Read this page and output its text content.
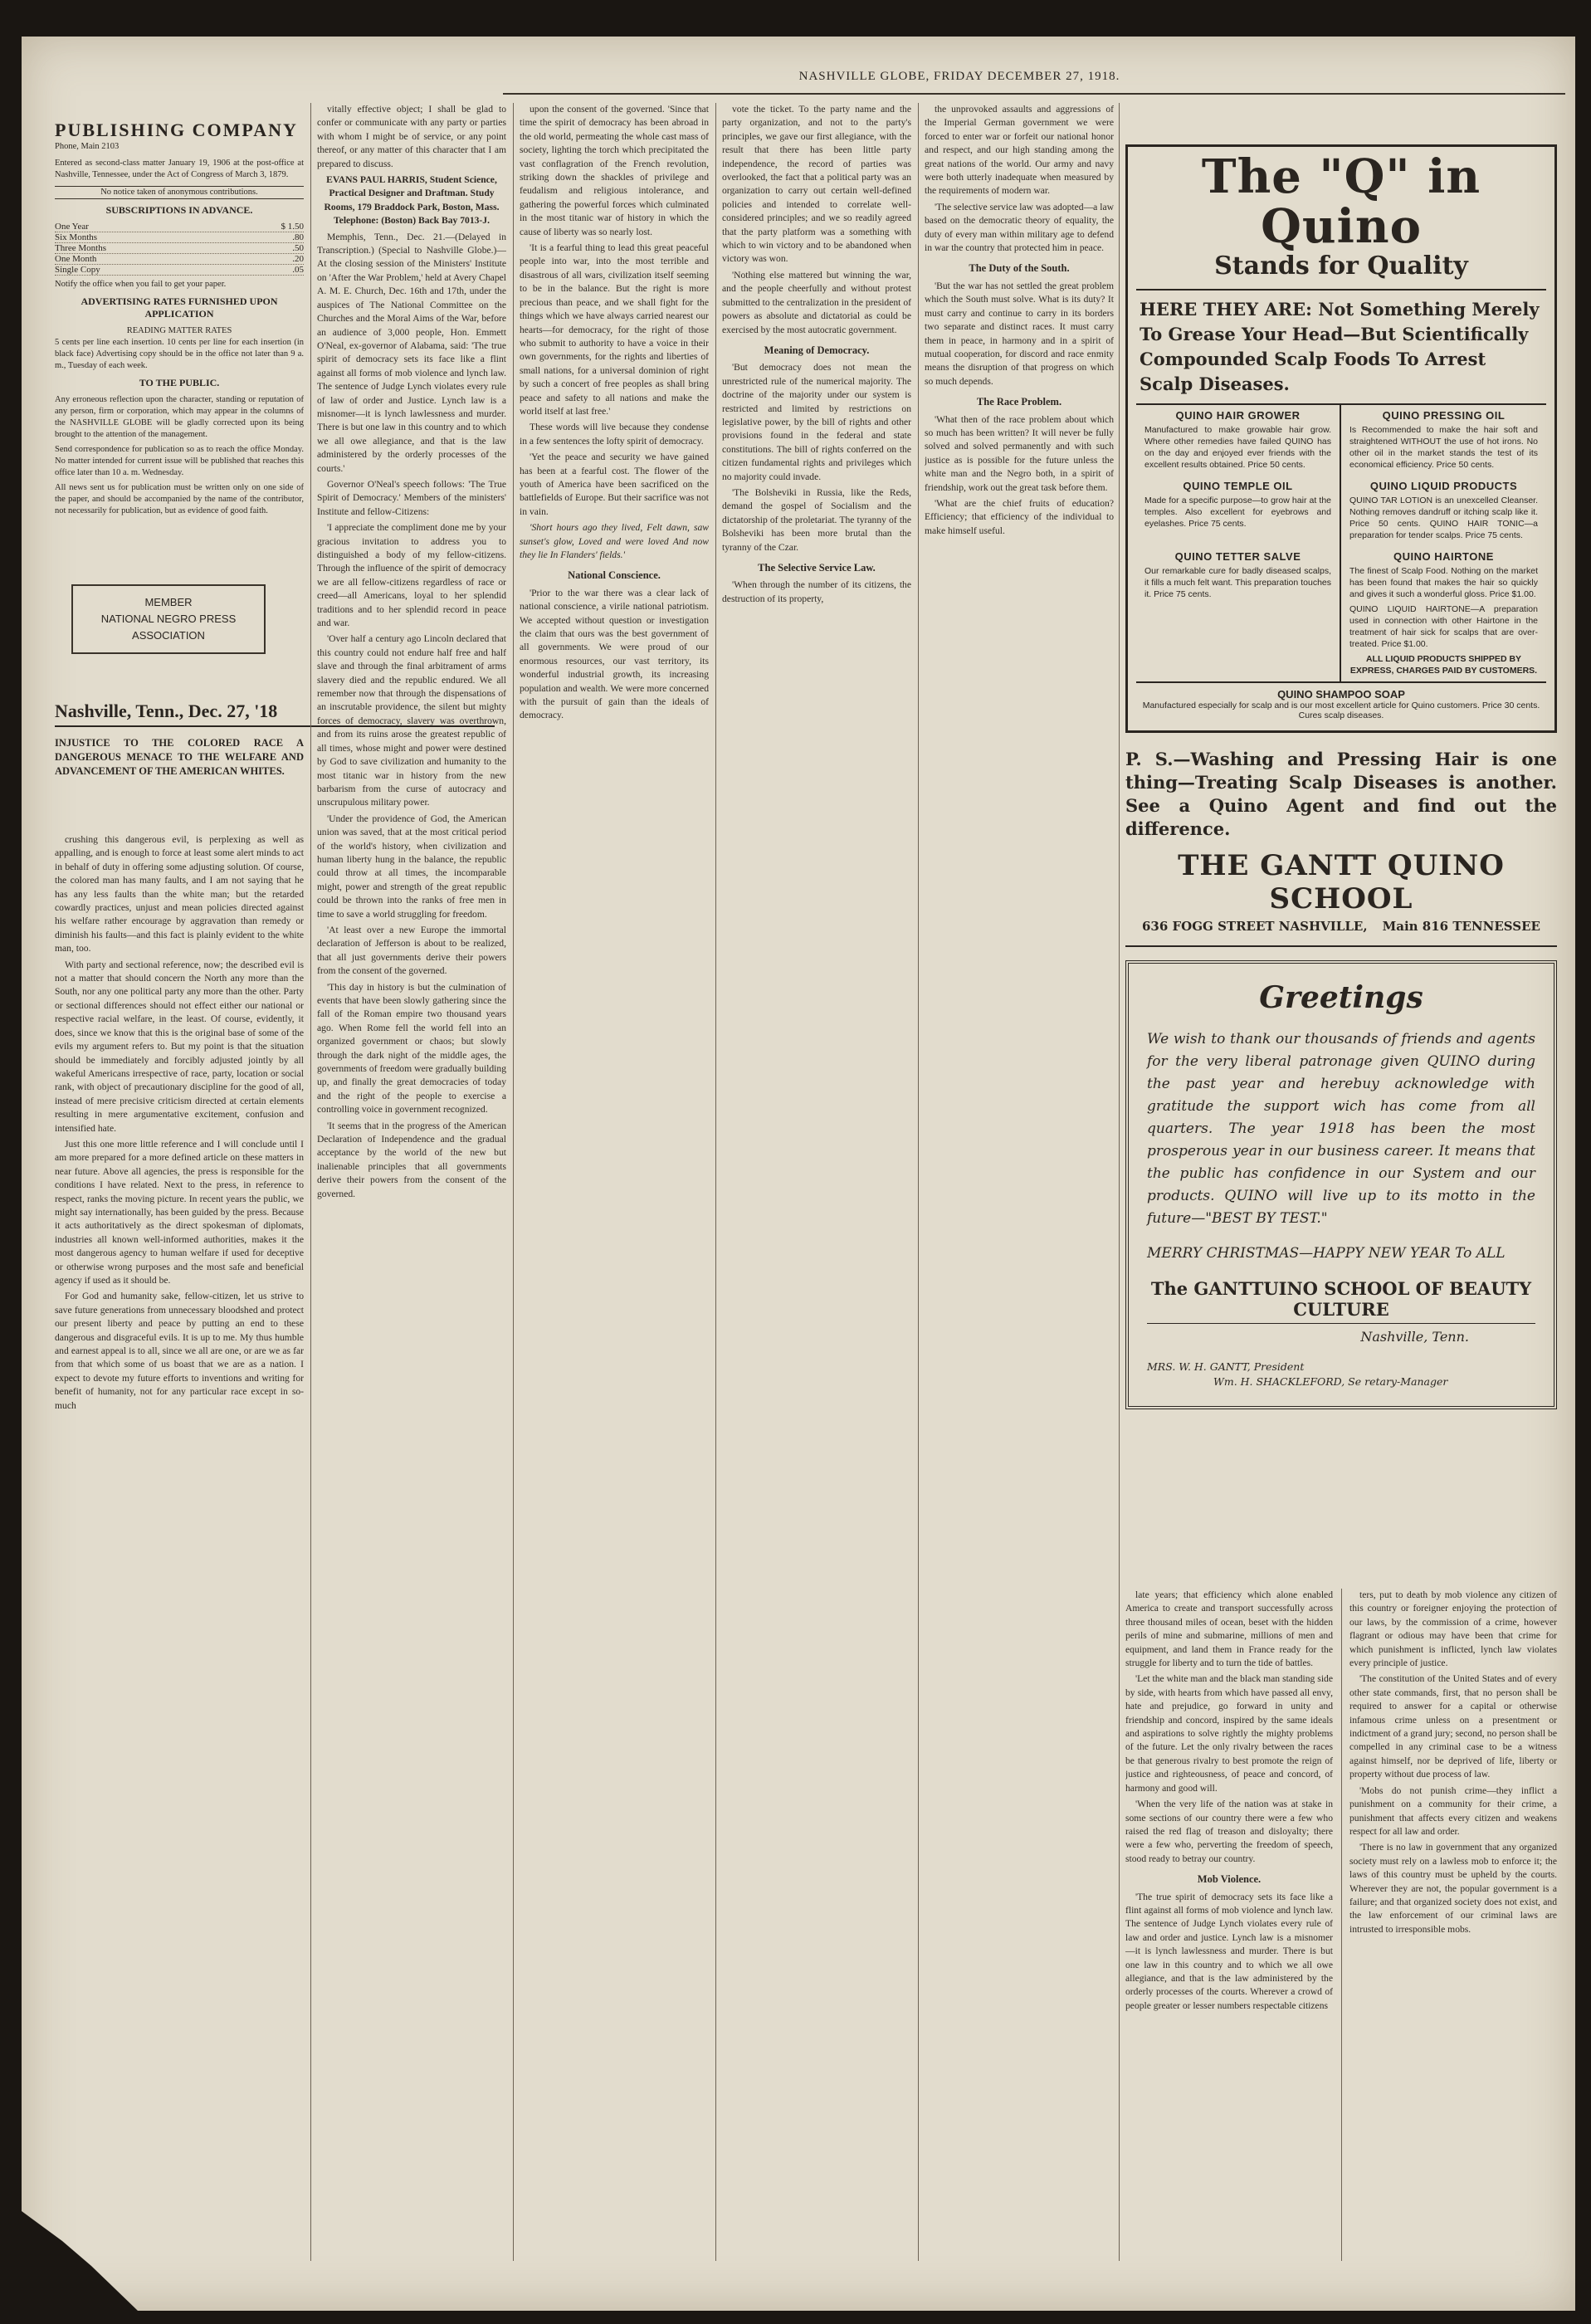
NASHVILLE GLOBE, FRIDAY DECEMBER 27, 1918.
PUBLISHING COMPANY
Phone, Main 2103
Entered as second-class matter January 19, 1906 at the post-office at Nashville, Tennessee, under the Act of Congress of March 3, 1879.
No notice taken of anonymous contributions.
SUBSCRIPTIONS IN ADVANCE.
One Year	$ 1.50
Six Months	.80
Three Months	.50
One Month	.20
Single Copy	.05
Notify the office when you fail to get your paper.
ADVERTISING RATES FURNISHED UPON APPLICATION
READING MATTER RATES
5 cents per line each insertion. 10 cents per line for each insertion (in black face) Advertising copy should be in the office not later than 9 a. m., Tuesday of each week.
TO THE PUBLIC.
Any erroneous reflection upon the character, standing or reputation of any person, firm or corporation, which may appear in the columns of the NASHVILLE GLOBE will be gladly corrected upon its being brought to the attention of the management.
Send correspondence for publication so as to reach the office Monday. No matter intended for current issue will be published that reaches this office later than 10 a. m. Wednesday.
All news sent us for publication must be written only on one side of the paper, and should be accompanied by the name of the contributor, not necessarily for publication, but as evidence of good faith.
MEMBER
NATIONAL NEGRO PRESS
ASSOCIATION
Nashville, Tenn., Dec. 27, '18
INJUSTICE TO THE COLORED RACE A DANGEROUS MENACE TO THE WELFARE AND ADVANCEMENT OF THE AMERICAN WHITES.

crushing this dangerous evil, is perplexing as well as appalling, and is enough to force at least some alert minds to act in behalf of duty in offering some adjusting solution. Of course, the colored man has many faults, and I am not saying that he has any less faults than the white man; but the retarded cowardly practices, unjust and mean policies directed against his welfare rather encourage by aggravation than remedy or diminish his faults—and this fact is plainly evident to the white man, too.

With party and sectional reference, now; the described evil is not a matter that should concern the North any more than the South, nor any one political party any more than the other. Party or sectional differences should not effect either our national or respective racial welfare, in the least. Of course, evidently, it does, since we know that this is the original base of some of the evils my argument refers to. But my point is that the situation should be immediately and forcibly adjusted jointly by all wakeful Americans irrespective of race, party, location or social rank, with object of precautionary discipline for the good of all, instead of mere precisive criticism directed at certain elements resulting in mere argumentative excitement, confusion and intensified hate.

Just this one more little reference and I will conclude until I am more prepared for a more defined article on these matters in near future. Above all agencies, the press is responsible for the conditions I have related. Next to the press, in reference to respect, ranks the moving picture. In recent years the public, we might say internationally, has been guided by the press. Because it acts authoritatively as the direct spokesman of diplomats, industries all known well-informed authorities, makes it the most dangerous agency to human welfare if used for deceptive or otherwise wrong purposes and the most safe and beneficial agency if used as it should be.

For God and humanity sake, fellow-citizen, let us strive to save future generations from unnecessary bloodshed and protect our present liberty and peace by putting an end to these dangerous and disgraceful evils. It is up to me. My thus humble and earnest appeal is to all, since we all are one, or are we as far from that which some of us boast that we are as a nation. I expect to devote my future efforts to inventions and writing for benefit of humanity, not for any particular race except in so-much

vitally effective object; I shall be glad to confer or communicate with any party or parties with whom I might be of service, or any point thereof, or any matter of this character that I am prepared to discuss.

EVANS PAUL HARRIS, Student Science, Practical Designer and Draftman. Study Rooms, 179 Braddock Park, Boston, Mass. Telephone: (Boston) Back Bay 7013-J.

Memphis, Tenn., Dec. 21.—(Delayed in Transcription.) (Special to Nashville Globe.)—At the closing session of the Ministers' Institute on 'After the War Problem,' held at Avery Chapel A. M. E. Church, Dec. 16th and 17th, under the auspices of The National Committee on the Churches and the Moral Aims of the War, before an audience of 3,000 people, Hon. Emmett O'Neal, ex-governor of Alabama, said: 'The true spirit of democracy sets its face like a flint against all forms of mob violence and lynch law. The sentence of Judge Lynch violates every rule of law of order and Justice. Lynch law is a misnomer—it is lynch lawlessness and murder. There is but one law in this country and to which we all owe allegiance, and that is the law administered by the orderly processes of the courts.'

Governor O'Neal's speech follows: 'The True Spirit of Democracy.' Members of the ministers' Institute and fellow-Citizens:

'I appreciate the compliment done me by your gracious invitation to address you to distinguished a body of my fellow-citizens. Through the influence of the spirit of democracy we are all fellow-citizens regardless of race or creed—all Americans, loyal to her splendid traditions and to her splendid record in peace and war.

'Over half a century ago Lincoln declared that this country could not endure half free and half slave and through the final arbitrament of arms slavery died and the republic endured. We all remember now that through the dispensations of an inscrutable providence, the silent but mighty forces of democracy, slavery was overthrown, and from its ruins arose the greatest republic of all times, whose might and power were destined by God to save civilization and humanity to the most titanic war in history from the new barbarism from the curse of autocracy and unscrupulous military power.

'Under the providence of God, the American union was saved, that at the most critical period of the world's history, when civilization and human liberty hung in the balance, the republic could throw at all times, the incomparable might, power and strength of the great republic could be thrown into the ranks of free men in time to save a world struggling for freedom.

'At least over a new Europe the immortal declaration of Jefferson is about to be realized, that all just governments derive their powers from the consent of the governed.

'This day in history is but the culmination of events that have been slowly gathering since the fall of the Roman empire two thousand years ago. When Rome fell the world fell into an organized government or chaos; but slowly through the dark night of the middle ages, the governments of freedom were gradually building up, and finally the great democracies of today and the right of the people to exercise a controlling voice in government recognized.

'It seems that in the progress of the American Declaration of Independence and the gradual acceptance by the world of the new but inalienable principles that all governments derive their powers from the consent of the governed.

upon the consent of the governed. 'Since that time the spirit of democracy has been abroad in the old world, permeating the whole cast mass of society, lighting the torch which precipitated the vast conflagration of the French revolution, striking down the shackles of privilege and feudalism and religious intolerance, and gathering the powerful forces which culminated in the most titanic war of history in which the cause of liberty was so nearly lost.

'It is a fearful thing to lead this great peaceful people into war, into the most terrible and disastrous of all wars, civilization itself seeming to be in the balance. But the right is more precious than peace, and we shall fight for the things which we have always carried nearest our hearts—for democracy, for the right of those who submit to authority to have a voice in their own governments, for the rights and liberties of small nations, for a universal dominion of right by such a concert of free peoples as shall bring peace and safety to all nations and make the world itself at last free.'

These words will live because they condense in a few sentences the lofty spirit of democracy.

'Yet the peace and security we have gained has been at a fearful cost. The flower of the youth of America have been sacrificed on the battlefields of Europe. But their sacrifice was not in vain.

'Short hours ago they lived, Felt dawn, saw sunset's glow, Loved and were loved And now they lie In Flanders' fields.'

National Conscience.

'Prior to the war there was a clear lack of national conscience, a virile national patriotism. We accepted without question or investigation the claim that ours was the best government of all governments. We were proud of our enormous resources, our vast territory, its wonderful industrial growth, its increasing population and wealth. We were more concerned with the pursuit of gain than the ideals of democracy.

vote the ticket. To the party name and the party organization, and not to the party's principles, we gave our first allegiance, with the result that there has been little party independence, the record of parties was overlooked, the fact that a political party was an organization to carry out certain well-defined policies and intended to correlate well-considered principles; and we so readily agreed that the party platform was a something with which to win victory and to be abandoned when victory was won.

'Nothing else mattered but winning the war, and the people cheerfully and without protest submitted to the centralization in the president of powers as absolute and dictatorial as could be exercised by the most autocratic government.

Meaning of Democracy.

'But democracy does not mean the unrestricted rule of the numerical majority. The doctrine of the majority under our system is restricted and limited by restrictions on legislative power, by the bill of rights and other provisions found in the federal and state constitutions. The bill of rights conferred on the citizen fundamental rights and privileges which no majority could invade.

'The Bolsheviki in Russia, like the Reds, demand the gospel of Socialism and the dictatorship of the proletariat. The tyranny of the Bolsheviki has been more brutal than the tyranny of the Czar.

The Selective Service Law.

'When through the number of its citizens, the destruction of its property,

the unprovoked assaults and aggressions of the Imperial German government we were forced to enter war or forfeit our national honor and respect, and our high standing among the great nations of the world. Our army and navy were both utterly inadequate when measured by the requirements of modern war.

'The selective service law was adopted—a law based on the democratic theory of equality, the duty of every man within military age to defend in war the country that protected him in peace.

The Duty of the South.

'But the war has not settled the great problem which the South must solve. What is its duty? It must carry and continue to carry in its borders two separate and distinct races. It must carry them in peace, in harmony and in a spirit of mutual cooperation, for discord and race enmity means the disruption of that progress on which so much depends.

The Race Problem.

'What then of the race problem about which so much has been written? It will never be fully solved and solved permanently and with such justice as is possible for the future unless the white man and the Negro both, in a spirit of friendship, work out the great task before them.

'What are the chief fruits of education? Efficiency; that efficiency of the individual to make himself useful.

The "Q" in Quino
Stands for Quality
HERE THEY ARE: Not Something Merely To Grease Your Head—But Scientifically Compounded Scalp Foods To Arrest Scalp Diseases.
QUINO HAIR GROWER
Manufactured to make growable hair grow. Where other remedies have failed QUINO has on the day and enjoyed ever friends with the excellent results obtained. Price 50 cents.
QUINO PRESSING OIL
Is Recommended to make the hair soft and straightened WITHOUT the use of hot irons. No other oil in the market stands the test of its economical efficiency. Price 50 cents.
QUINO TEMPLE OIL
Made for a specific purpose—to grow hair at the temples. Also excellent for eyebrows and eyelashes. Price 75 cents.
QUINO LIQUID PRODUCTS
QUINO TAR LOTION is an unexcelled Cleanser. Nothing removes dandruff or itching scalp like it. Price 50 cents. QUINO HAIR TONIC—a preparation for tender scalps. Price 75 cents.
QUINO TETTER SALVE
Our remarkable cure for badly diseased scalps, it fills a much felt want. This preparation touches it. Price 75 cents.
QUINO HAIRTONE
The finest of Scalp Food. Nothing on the market has been found that makes the hair so quickly and gives it such a wonderful gloss. Price $1.00.
QUINO LIQUID HAIRTONE—A preparation used in connection with other Hairtone in the treatment of hair sick for scalps that are over-treated. Price $1.00.
ALL LIQUID PRODUCTS SHIPPED BY EXPRESS, CHARGES PAID BY CUSTOMERS.
QUINO SHAMPOO SOAP
Manufactured especially for scalp and is our most excellent article for Quino customers. Price 30 cents. Cures scalp diseases.
P. S.—Washing and Pressing Hair is one thing—Treating Scalp Diseases is another. See a Quino Agent and find out the difference.
THE GANTT QUINO SCHOOL
636 FOGG STREET NASHVILLE, Main 816 TENNESSEE
Greetings
We wish to thank our thousands of friends and agents for the very liberal patronage given QUINO during the past year and herebuy acknowledge with gratitude the support wich has come from all quarters. The year 1918 has been the most prosperous year in our business career. It means that the public has confidence in our System and our products. QUINO will live up to its motto in the future—"BEST BY TEST."
MERRY CHRISTMAS—HAPPY NEW YEAR To ALL
The GANTTUINO SCHOOL OF BEAUTY CULTURE
Nashville, Tenn.
MRS. W. H. GANTT, President
Wm. H. SHACKLEFORD, Se retary-Manager

late years; that efficiency which alone enabled America to create and transport successfully across three thousand miles of ocean, beset with the hidden perils of mine and submarine, millions of men and equipment, and land them in France ready for the struggle for liberty and to turn the tide of battles.

'Let the white man and the black man standing side by side, with hearts from which have passed all envy, hate and prejudice, go forward in unity and friendship and concord, inspired by the same ideals and aspirations to solve rightly the mighty problems of the future. Let the only rivalry between the races be that generous rivalry to best promote the reign of justice and righteousness, of peace and concord, of harmony and good will.

'When the very life of the nation was at stake in some sections of our country there were a few who raised the red flag of treason and disloyalty; there were a few who, perverting the freedom of speech, stood ready to betray our country.

Mob Violence.

'The true spirit of democracy sets its face like a flint against all forms of mob violence and lynch law. The sentence of Judge Lynch violates every rule of law and order and justice. Lynch law is a misnomer—it is lynch lawlessness and murder. There is but one law in this country and to which we all owe allegiance, and that is the law administered by the orderly processes of the courts. Wherever a crowd of people greater or lesser numbers respectable citizens

ters, put to death by mob violence any citizen of this country or foreigner enjoying the protection of our laws, by the commission of a crime, however flagrant or odious may have been that crime for which punishment is inflicted, lynch law violates every principle of justice.

'The constitution of the United States and of every other state commands, first, that no person shall be required to answer for a capital or otherwise infamous crime unless on a presentment or indictment of a grand jury; second, no person shall be compelled in any criminal case to be a witness against himself, nor be deprived of life, liberty or property without due process of law.

'Mobs do not punish crime—they inflict a punishment on a community for their crime, a punishment that affects every citizen and weakens respect for all law and order.

'There is no law in government that any organized society must rely on a lawless mob to enforce it; the laws of this country must be upheld by the courts. Wherever they are not, the popular government is a failure; and that organized society does not exist, and the law enforcement of our criminal laws are intrusted to irresponsible mobs.
